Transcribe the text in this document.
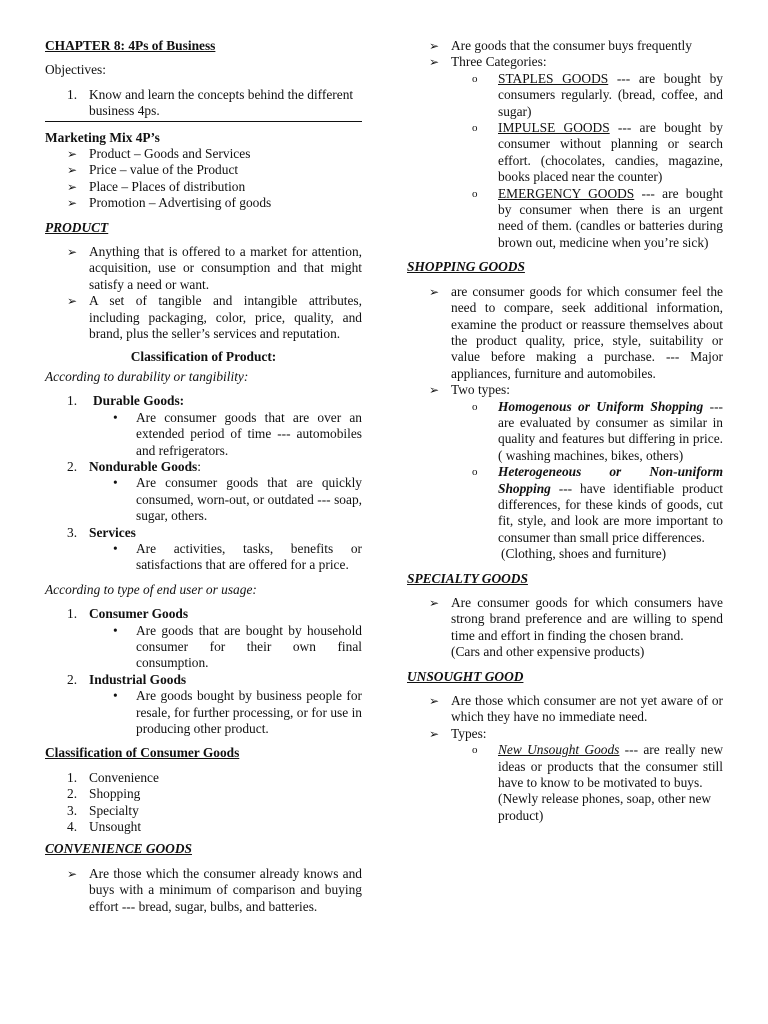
CHAPTER 8: 4Ps of Business

Objectives:

1. Know and learn the concepts behind the different business 4ps.

Marketing Mix 4P’s

➢ Product – Goods and Services
➢ Price – value of the Product
➢ Place – Places of distribution
➢ Promotion – Advertising of goods

PRODUCT

➢ Anything that is offered to a market for attention, acquisition, use or consumption and that might satisfy a need or want.
➢ A set of tangible and intangible attributes, including packaging, color, price, quality, and brand, plus the seller’s services and reputation.

Classification of Product:

According to durability or tangibility:

1.	Durable Goods:
•	Are consumer goods that are over an extended period of time --- automobiles and refrigerators.
2. Nondurable Goods:
•	Are consumer goods that are quickly consumed, worn-out, or outdated --- soap, sugar, others.
3. Services
•	Are activities, tasks, benefits or satisfactions that are offered for a price.

According to type of end user or usage:

1. Consumer Goods
•	Are goods that are bought by household consumer for their own final consumption.
2. Industrial Goods
•	Are goods bought by business people for resale, for further processing, or for use in producing other product.

Classification of Consumer Goods

1. Convenience
2. Shopping
3. Specialty
4. Unsought

CONVENIENCE GOODS

➢ Are those which the consumer already knows and buys with a minimum of comparison and buying effort --- bread, sugar, bulbs, and batteries.
➢ Are goods that the consumer buys frequently
➢ Three Categories:
o	STAPLES GOODS --- are bought by consumers regularly. (bread, coffee, and sugar)
o	IMPULSE GOODS --- are bought by consumer without planning or search effort. (chocolates, candies, magazine, books placed near the counter)
o	EMERGENCY GOODS --- are bought by consumer when there is an urgent need of them. (candles or batteries during brown out, medicine when you’re sick)

SHOPPING GOODS

➢ are consumer goods for which consumer feel the need to compare, seek additional information, examine the product or reassure themselves about the product quality, price, style, suitability or value before making a purchase. --- Major appliances, furniture and automobiles.
➢ Two types:
o	Homogenous or Uniform Shopping --- are evaluated by consumer as similar in quality and features but differing in price. ( washing machines, bikes, others)
o	Heterogeneous or Non-uniform Shopping --- have identifiable product differences, for these kinds of goods, cut fit, style, and look are more important to consumer than small price differences.

(Clothing, shoes and furniture)

SPECIALTY GOODS

➢ Are consumer goods for which consumers have strong brand preference and are willing to spend time and effort in finding the chosen brand.

(Cars and other expensive products)

UNSOUGHT GOOD

➢ Are those which consumer are not yet aware of or which they have no immediate need.
➢ Types:
o	New Unsought Goods --- are really new ideas or products that the consumer still have to know to be motivated to buys.

(Newly release phones, soap, other new product)
